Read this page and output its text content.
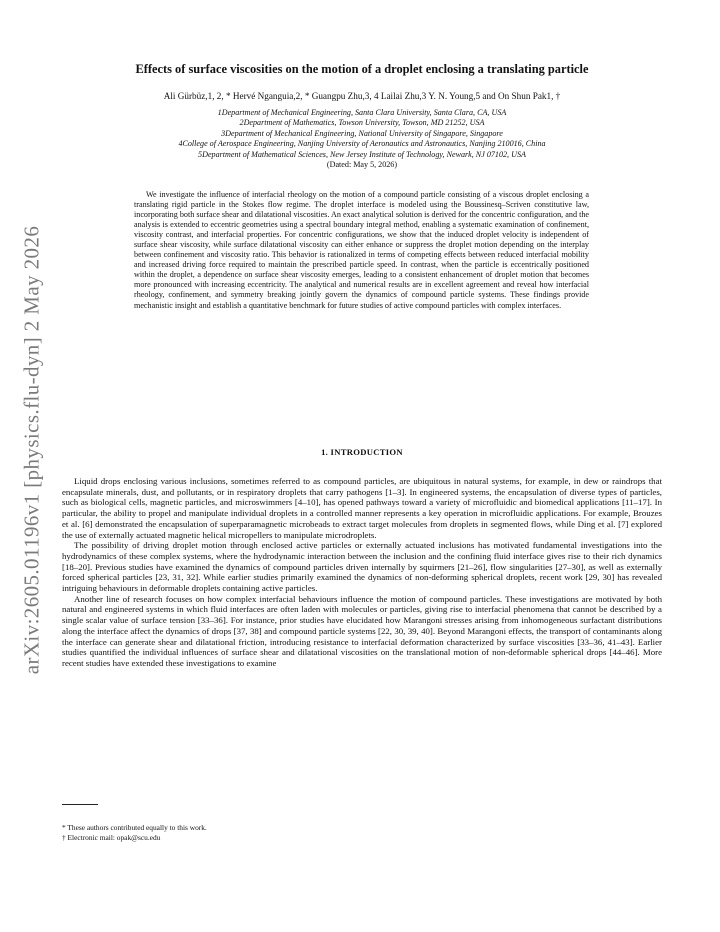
arXiv:2605.01196v1 [physics.flu-dyn] 2 May 2026
Effects of surface viscosities on the motion of a droplet enclosing a translating particle
Ali Gürbüz,1, 2, * Hervé Nganguia,2, * Guangpu Zhu,3, 4 Lailai Zhu,3 Y. N. Young,5 and On Shun Pak1, †
1Department of Mechanical Engineering, Santa Clara University, Santa Clara, CA, USA
2Department of Mathematics, Towson University, Towson, MD 21252, USA
3Department of Mechanical Engineering, National University of Singapore, Singapore
4College of Aerospace Engineering, Nanjing University of Aeronautics and Astronautics, Nanjing 210016, China
5Department of Mathematical Sciences, New Jersey Institute of Technology, Newark, NJ 07102, USA
(Dated: May 5, 2026)
We investigate the influence of interfacial rheology on the motion of a compound particle consisting of a viscous droplet enclosing a translating rigid particle in the Stokes flow regime. The droplet interface is modeled using the Boussinesq–Scriven constitutive law, incorporating both surface shear and dilatational viscosities. An exact analytical solution is derived for the concentric configuration, and the analysis is extended to eccentric geometries using a spectral boundary integral method, enabling a systematic examination of confinement, viscosity contrast, and interfacial properties. For concentric configurations, we show that the induced droplet velocity is independent of surface shear viscosity, while surface dilatational viscosity can either enhance or suppress the droplet motion depending on the interplay between confinement and viscosity ratio. This behavior is rationalized in terms of competing effects between reduced interfacial mobility and increased driving force required to maintain the prescribed particle speed. In contrast, when the particle is eccentrically positioned within the droplet, a dependence on surface shear viscosity emerges, leading to a consistent enhancement of droplet motion that becomes more pronounced with increasing eccentricity. The analytical and numerical results are in excellent agreement and reveal how interfacial rheology, confinement, and symmetry breaking jointly govern the dynamics of compound particle systems. These findings provide mechanistic insight and establish a quantitative benchmark for future studies of active compound particles with complex interfaces.
1. INTRODUCTION

Liquid drops enclosing various inclusions, sometimes referred to as compound particles, are ubiquitous in natural systems, for example, in dew or raindrops that encapsulate minerals, dust, and pollutants, or in respiratory droplets that carry pathogens [1–3]. In engineered systems, the encapsulation of diverse types of particles, such as biological cells, magnetic particles, and microswimmers [4–10], has opened pathways toward a variety of microfluidic and biomedical applications [11–17]. In particular, the ability to propel and manipulate individual droplets in a controlled manner represents a key operation in microfluidic applications. For example, Brouzes et al. [6] demonstrated the encapsulation of superparamagnetic microbeads to extract target molecules from droplets in segmented flows, while Ding et al. [7] explored the use of externally actuated magnetic helical micropellers to manipulate microdroplets.

The possibility of driving droplet motion through enclosed active particles or externally actuated inclusions has motivated fundamental investigations into the hydrodynamics of these complex systems, where the hydrodynamic interaction between the inclusion and the confining fluid interface gives rise to their rich dynamics [18–20]. Previous studies have examined the dynamics of compound particles driven internally by squirmers [21–26], flow singularities [27–30], as well as externally forced spherical particles [23, 31, 32]. While earlier studies primarily examined the dynamics of non-deforming spherical droplets, recent work [29, 30] has revealed intriguing behaviours in deformable droplets containing active particles.

Another line of research focuses on how complex interfacial behaviours influence the motion of compound particles. These investigations are motivated by both natural and engineered systems in which fluid interfaces are often laden with molecules or particles, giving rise to interfacial phenomena that cannot be described by a single scalar value of surface tension [33–36]. For instance, prior studies have elucidated how Marangoni stresses arising from inhomogeneous surfactant distributions along the interface affect the dynamics of drops [37, 38] and compound particle systems [22, 30, 39, 40]. Beyond Marangoni effects, the transport of contaminants along the interface can generate shear and dilatational friction, introducing resistance to interfacial deformation characterized by surface viscosities [33–36, 41–43]. Earlier studies quantified the individual influences of surface shear and dilatational viscosities on the translational motion of non-deformable spherical drops [44–46]. More recent studies have extended these investigations to examine

* These authors contributed equally to this work.
† Electronic mail: opak@scu.edu
